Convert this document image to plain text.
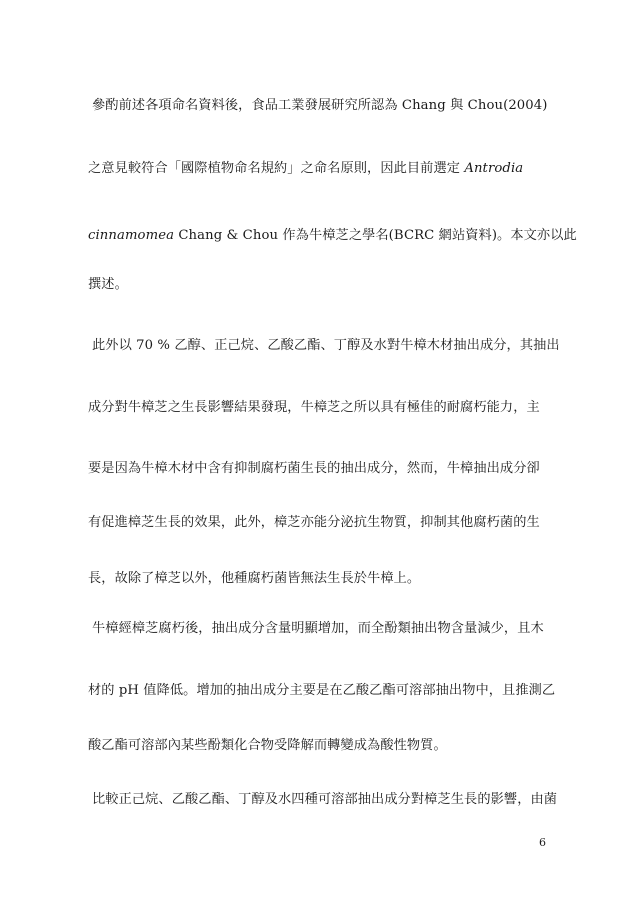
參酌前述各項命名資料後，食品工業發展研究所認為 Chang 與 Chou(2004)
之意見較符合「國際植物命名規約」之命名原則，因此目前選定 Antrodia
cinnamomea Chang & Chou 作為牛樟芝之學名(BCRC 網站資料)。本文亦以此
撰述。
此外以 70 % 乙醇、正己烷、乙酸乙酯、丁醇及水對牛樟木材抽出成分，其抽出
成分對牛樟芝之生長影響結果發現，牛樟芝之所以具有極佳的耐腐朽能力，主
要是因為牛樟木材中含有抑制腐朽菌生長的抽出成分，然而，牛樟抽出成分卻
有促進樟芝生長的效果，此外，樟芝亦能分泌抗生物質，抑制其他腐朽菌的生
長，故除了樟芝以外，他種腐朽菌皆無法生長於牛樟上。
牛樟經樟芝腐朽後，抽出成分含量明顯增加，而全酚類抽出物含量減少，且木
材的 pH 值降低。增加的抽出成分主要是在乙酸乙酯可溶部抽出物中，且推測乙
酸乙酯可溶部內某些酚類化合物受降解而轉變成為酸性物質。
比較正己烷、乙酸乙酯、丁醇及水四種可溶部抽出成分對樟芝生長的影響，由菌
6
